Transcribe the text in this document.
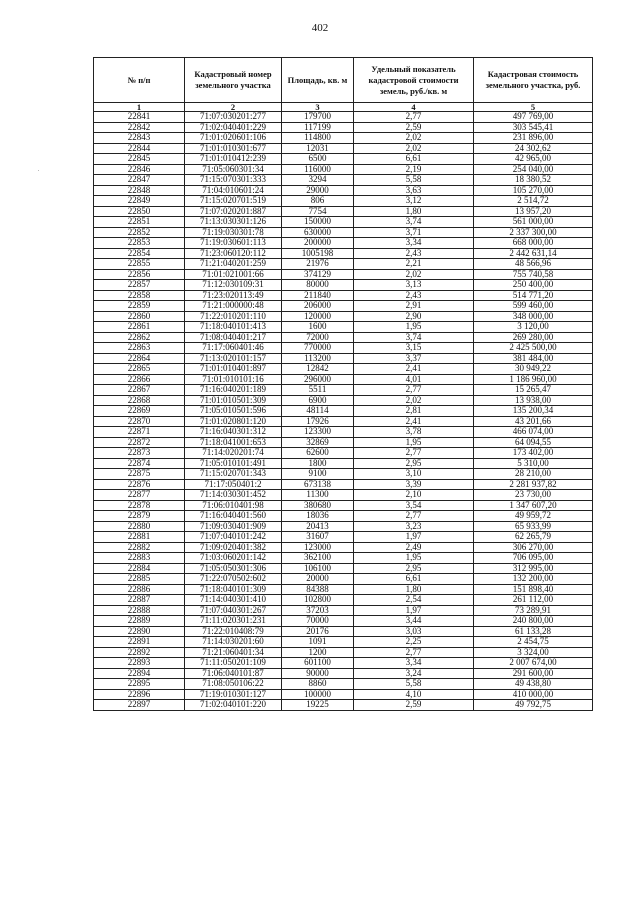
402
№ п/п	Кадастровый номер земельного участка	Площадь, кв. м	Удельный показатель кадастровой стоимости земель, руб./кв. м	Кадастровая стоимость земельного участка, руб.
1	2	3	4	5
22841	71:07:030201:277	179700	2,77	497 769,00
22842	71:02:040401:229	117199	2,59	303 545,41
22843	71:01:020601:106	114800	2,02	231 896,00
22844	71:01:010301:677	12031	2,02	24 302,62
22845	71:01:010412:239	6500	6,61	42 965,00
22846	71:05:060301:34	116000	2,19	254 040,00
22847	71:15:070301:333	3294	5,58	18 380,52
22848	71:04:010601:24	29000	3,63	105 270,00
22849	71:15:020701:519	806	3,12	2 514,72
22850	71:07:020201:887	7754	1,80	13 957,20
22851	71:13:030301:126	150000	3,74	561 000,00
22852	71:19:030301:78	630000	3,71	2 337 300,00
22853	71:19:030601:113	200000	3,34	668 000,00
22854	71:23:060120:112	1005198	2,43	2 442 631,14
22855	71:21:040201:259	21976	2,21	48 566,96
22856	71:01:021001:66	374129	2,02	755 740,58
22857	71:12:030109:31	80000	3,13	250 400,00
22858	71:23:020113:49	211840	2,43	514 771,20
22859	71:21:000000:48	206000	2,91	599 460,00
22860	71:22:010201:110	120000	2,90	348 000,00
22861	71:18:040101:413	1600	1,95	3 120,00
22862	71:08:040401:217	72000	3,74	269 280,00
22863	71:17:060401:46	770000	3,15	2 425 500,00
22864	71:13:020101:157	113200	3,37	381 484,00
22865	71:01:010401:897	12842	2,41	30 949,22
22866	71:01:010101:16	296000	4,01	1 186 960,00
22867	71:16:040201:189	5511	2,77	15 265,47
22868	71:01:010501:309	6900	2,02	13 938,00
22869	71:05:010501:596	48114	2,81	135 200,34
22870	71:01:020801:120	17926	2,41	43 201,66
22871	71:16:040301:312	123300	3,78	466 074,00
22872	71:18:041001:653	32869	1,95	64 094,55
22873	71:14:020201:74	62600	2,77	173 402,00
22874	71:05:010101:491	1800	2,95	5 310,00
22875	71:15:020701:343	9100	3,10	28 210,00
22876	71:17:050401:2	673138	3,39	2 281 937,82
22877	71:14:030301:452	11300	2,10	23 730,00
22878	71:06:010401:98	380680	3,54	1 347 607,20
22879	71:16:040401:560	18036	2,77	49 959,72
22880	71:09:030401:909	20413	3,23	65 933,99
22881	71:07:040101:242	31607	1,97	62 265,79
22882	71:09:020401:382	123000	2,49	306 270,00
22883	71:03:060201:142	362100	1,95	706 095,00
22884	71:05:050301:306	106100	2,95	312 995,00
22885	71:22:070502:602	20000	6,61	132 200,00
22886	71:18:040101:309	84388	1,80	151 898,40
22887	71:14:040301:410	102800	2,54	261 112,00
22888	71:07:040301:267	37203	1,97	73 289,91
22889	71:11:020301:231	70000	3,44	240 800,00
22890	71:22:010408:79	20176	3,03	61 133,28
22891	71:14:030201:60	1091	2,25	2 454,75
22892	71:21:060401:34	1200	2,77	3 324,00
22893	71:11:050201:109	601100	3,34	2 007 674,00
22894	71:06:040101:87	90000	3,24	291 600,00
22895	71:08:050106:22	8860	5,58	49 438,80
22896	71:19:010301:127	100000	4,10	410 000,00
22897	71:02:040101:220	19225	2,59	49 792,75
